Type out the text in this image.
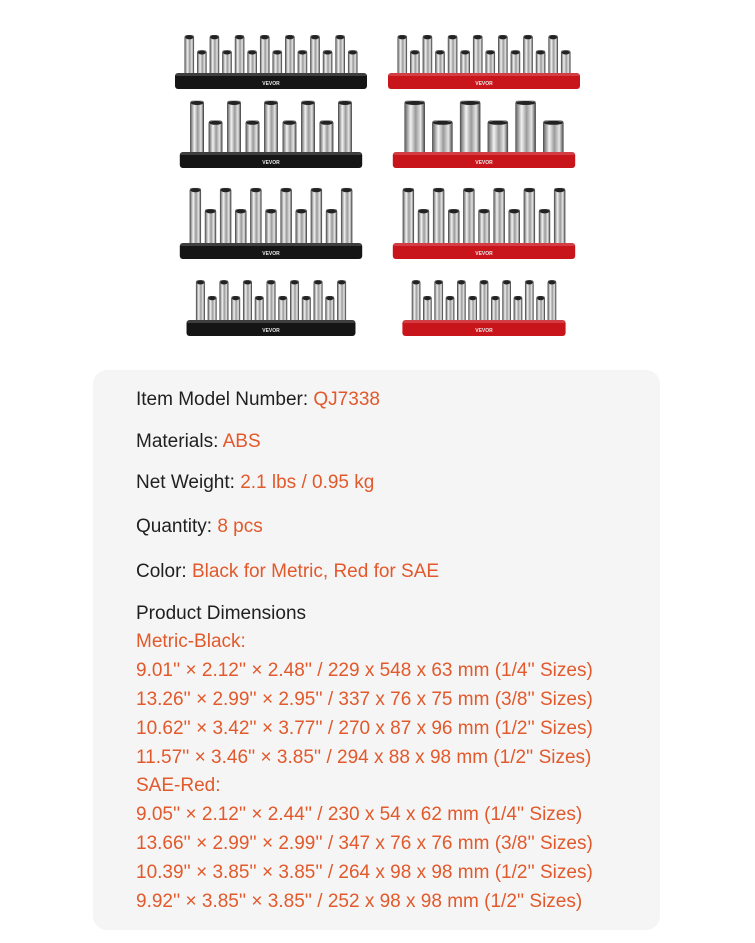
VEVOR	VEVOR
VEVOR	VEVOR
VEVOR	VEVOR
VEVOR	VEVOR
Item Model Number: QJ7338
Materials: ABS
Net Weight: 2.1 lbs / 0.95 kg
Quantity: 8 pcs
Color: Black for Metric, Red for SAE
Product Dimensions
Metric-Black:
9.01'' × 2.12'' × 2.48'' / 229 x 548 x 63 mm (1/4'' Sizes)
13.26'' × 2.99'' × 2.95'' / 337 x 76 x 75 mm (3/8'' Sizes)
10.62'' × 3.42'' × 3.77'' / 270 x 87 x 96 mm (1/2'' Sizes)
11.57'' × 3.46'' × 3.85'' / 294 x 88 x 98 mm (1/2'' Sizes)
SAE-Red:
9.05'' × 2.12'' × 2.44'' / 230 x 54 x 62 mm (1/4'' Sizes)
13.66'' × 2.99'' × 2.99'' / 347 x 76 x 76 mm (3/8'' Sizes)
10.39'' × 3.85'' × 3.85'' / 264 x 98 x 98 mm (1/2'' Sizes)
9.92'' × 3.85'' × 3.85'' / 252 x 98 x 98 mm (1/2'' Sizes)
